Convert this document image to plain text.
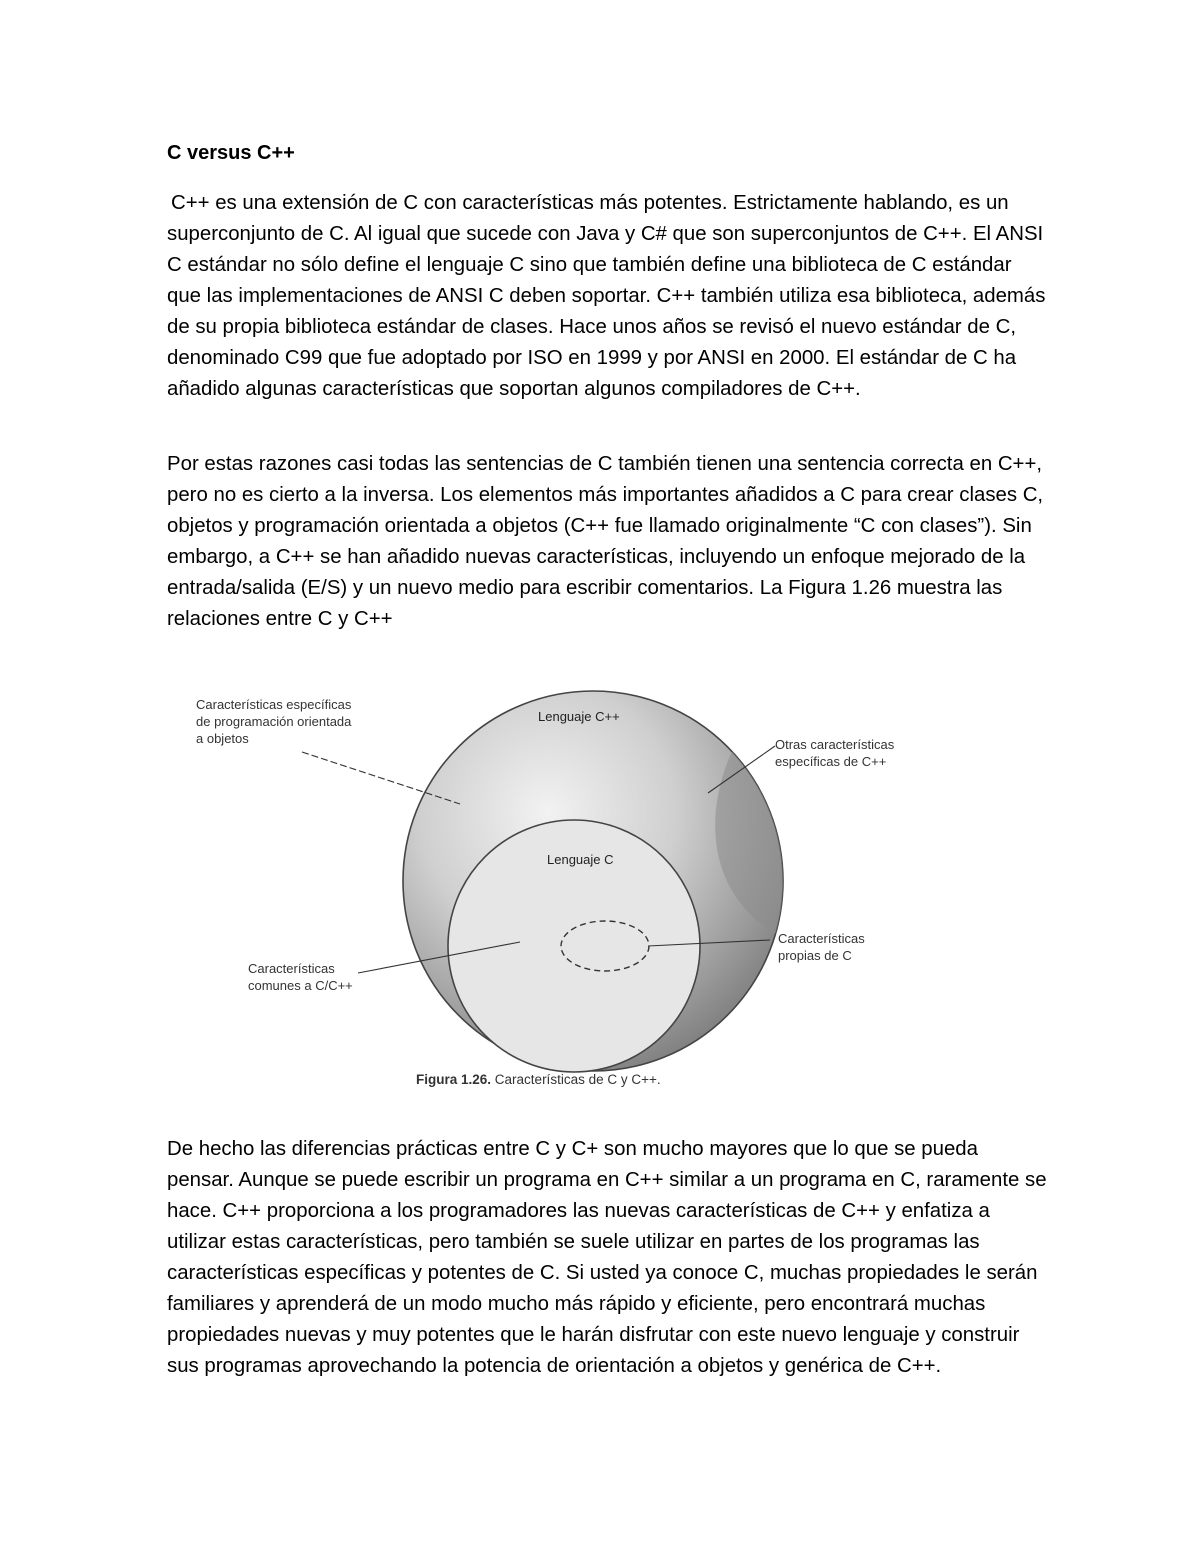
C versus C++

C++ es una extensión de C con características más potentes. Estrictamente hablando, es un superconjunto de C. Al igual que sucede con Java y C# que son superconjuntos de C++. El ANSI C estándar no sólo define el lenguaje C sino que también define una biblioteca de C estándar que las implementaciones de ANSI C deben soportar. C++ también utiliza esa biblioteca, además de su propia biblioteca estándar de clases. Hace unos años se revisó el nuevo estándar de C, denominado C99 que fue adoptado por ISO en 1999 y por ANSI en 2000. El estándar de C ha añadido algunas características que soportan algunos compiladores de C++.

Por estas razones casi todas las sentencias de C también tienen una sentencia correcta en C++, pero no es cierto a la inversa. Los elementos más importantes añadidos a C para crear clases C, objetos y programación orientada a objetos (C++ fue llamado originalmente “C con clases”). Sin embargo, a C++ se han añadido nuevas características, incluyendo un enfoque mejorado de la entrada/salida (E/S) y un nuevo medio para escribir comentarios. La Figura 1.26 muestra las relaciones entre C y C++

Lenguaje C++
Lenguaje C
Características específicas
de programación orientada
a objetos	Otras características
específicas de C++
Características
comunes a C/C++
Características
propias de C
Figura 1.26. Características de C y C++.

De hecho las diferencias prácticas entre C y C+ son mucho mayores que lo que se pueda pensar. Aunque se puede escribir un programa en C++ similar a un programa en C, raramente se hace. C++ proporciona a los programadores las nuevas características de C++ y enfatiza a utilizar estas características, pero también se suele utilizar en partes de los programas las características específicas y potentes de C. Si usted ya conoce C, muchas propiedades le serán familiares y aprenderá de un modo mucho más rápido y eficiente, pero encontrará muchas propiedades nuevas y muy potentes que le harán disfrutar con este nuevo lenguaje y construir sus programas aprovechando la potencia de orientación a objetos y genérica de C++.
